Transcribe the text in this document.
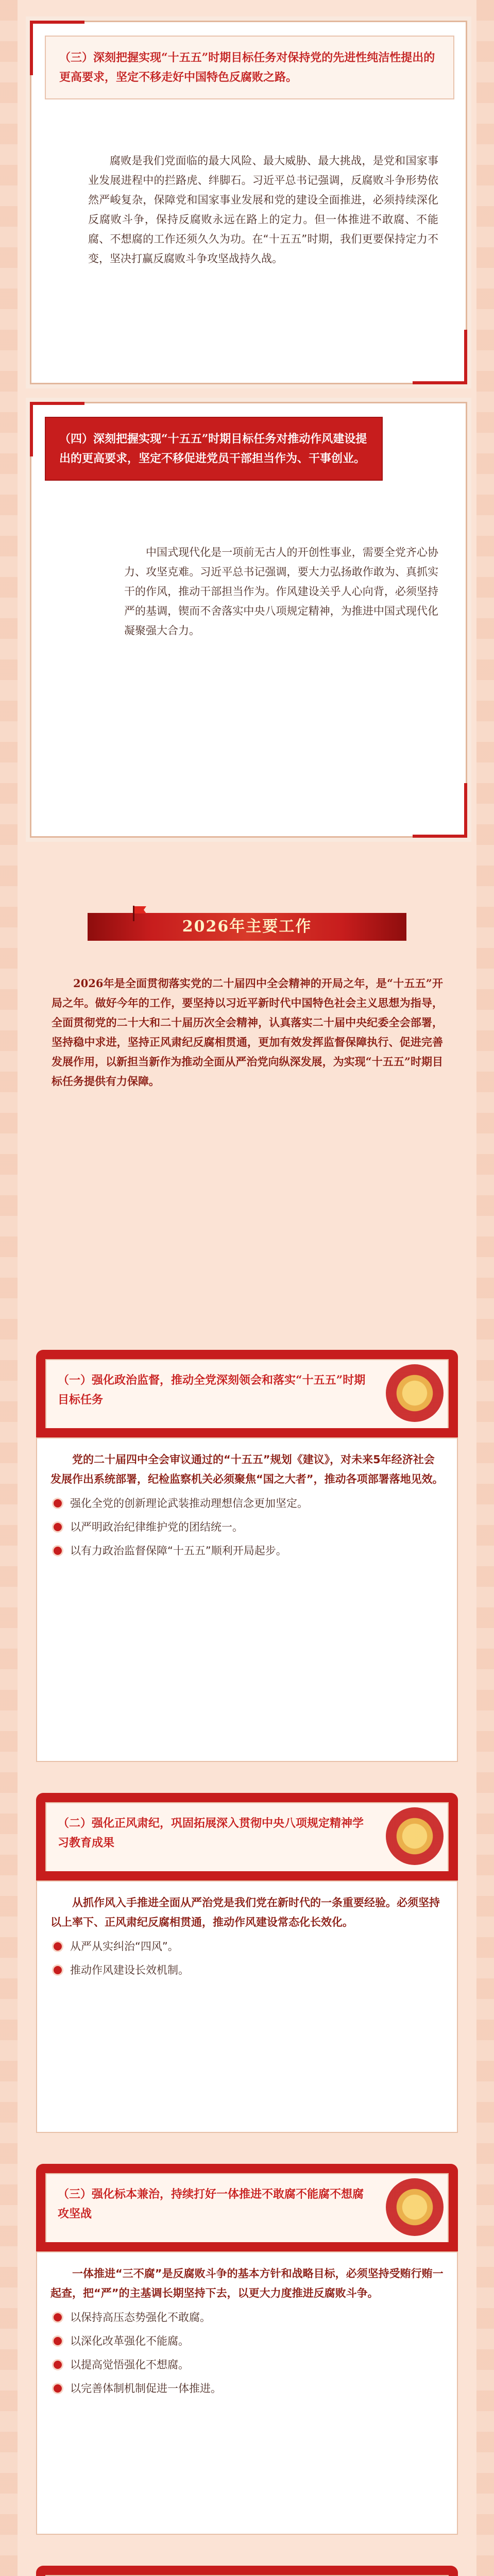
（三）深刻把握实现“十五五”时期目标任务对保持党的先进性纯洁性提出的更高要求，坚定不移走好中国特色反腐败之路。
腐败是我们党面临的最大风险、最大威胁、最大挑战，是党和国家事业发展进程中的拦路虎、绊脚石。习近平总书记强调，反腐败斗争形势依然严峻复杂，保障党和国家事业发展和党的建设全面推进，必须持续深化反腐败斗争，保持反腐败永远在路上的定力。但一体推进不敢腐、不能腐、不想腐的工作还须久久为功。在“十五五”时期，我们更要保持定力不变，坚决打赢反腐败斗争攻坚战持久战。
（四）深刻把握实现“十五五”时期目标任务对推动作风建设提出的更高要求，坚定不移促进党员干部担当作为、干事创业。
中国式现代化是一项前无古人的开创性事业，需要全党齐心协力、攻坚克难。习近平总书记强调，要大力弘扬敢作敢为、真抓实干的作风，推动干部担当作为。作风建设关乎人心向背，必须坚持严的基调，锲而不舍落实中央八项规定精神，为推进中国式现代化凝聚强大合力。
2026年主要工作
2026年是全面贯彻落实党的二十届四中全会精神的开局之年，是“十五五”开局之年。做好今年的工作，要坚持以习近平新时代中国特色社会主义思想为指导，全面贯彻党的二十大和二十届历次全会精神，认真落实二十届中央纪委全会部署，坚持稳中求进，坚持正风肃纪反腐相贯通，更加有效发挥监督保障执行、促进完善发展作用，以新担当新作为推动全面从严治党向纵深发展，为实现“十五五”时期目标任务提供有力保障。
（一）强化政治监督，推动全党深刻领会和落实“十五五”时期目标任务
党的二十届四中全会审议通过的“十五五”规划《建议》，对未来5年经济社会发展作出系统部署，纪检监察机关必须聚焦“国之大者”，推动各项部署落地见效。
强化全党的创新理论武装推动理想信念更加坚定。
以严明政治纪律维护党的团结统一。
以有力政治监督保障“十五五”顺利开局起步。
（二）强化正风肃纪，巩固拓展深入贯彻中央八项规定精神学习教育成果
从抓作风入手推进全面从严治党是我们党在新时代的一条重要经验。必须坚持以上率下、正风肃纪反腐相贯通，推动作风建设常态化长效化。
从严从实纠治“四风”。
推动作风建设长效机制。
（三）强化标本兼治，持续打好一体推进不敢腐不能腐不想腐攻坚战
一体推进“三不腐”是反腐败斗争的基本方针和战略目标，必须坚持受贿行贿一起查，把“严”的主基调长期坚持下去，以更大力度推进反腐败斗争。
以保持高压态势强化不敢腐。
以深化改革强化不能腐。
以提高觉悟强化不想腐。
以完善体制机制促进一体推进。
